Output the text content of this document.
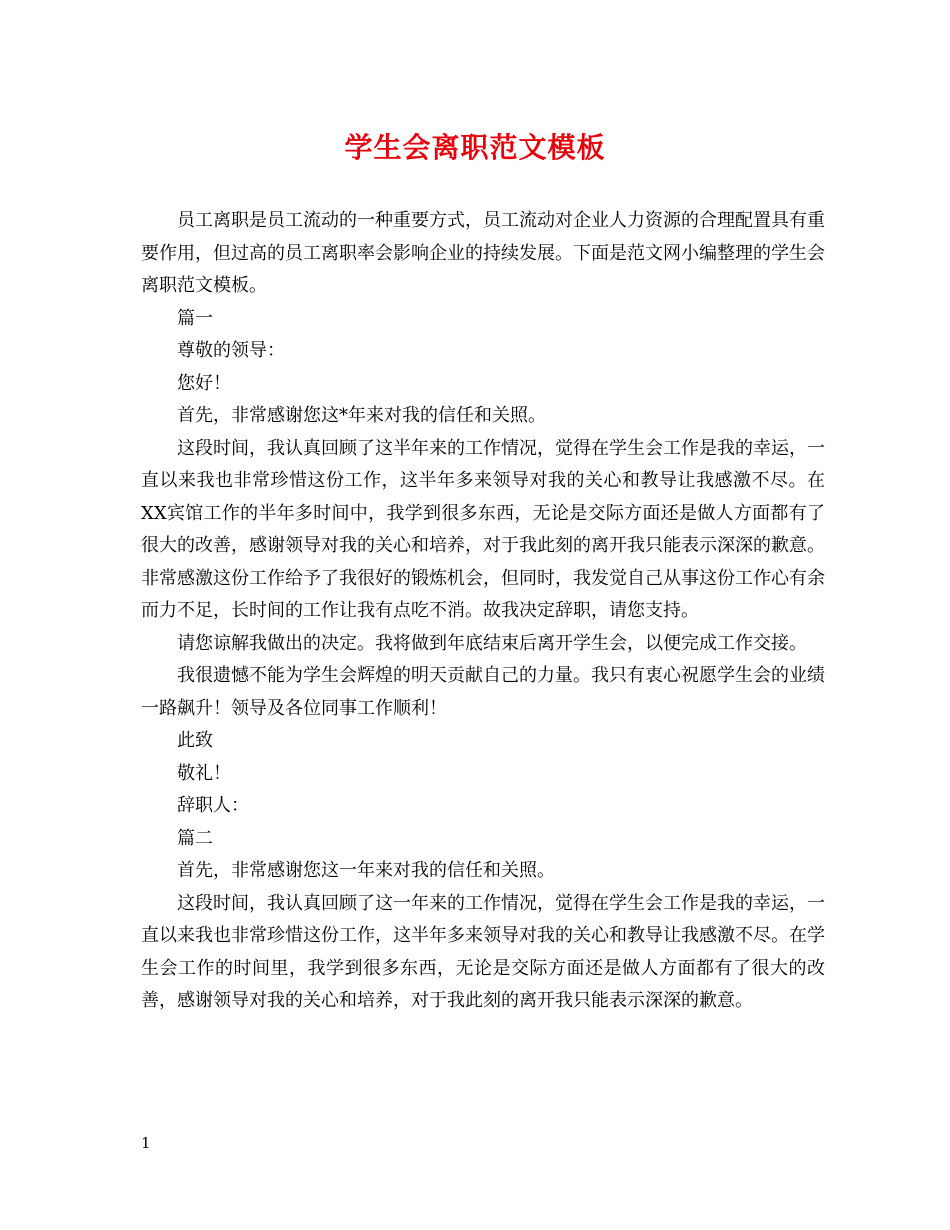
学生会离职范文模板

员工离职是员工流动的一种重要方式，员工流动对企业人力资源的合理配置具有重要作用，但过高的员工离职率会影响企业的持续发展。下面是范文网小编整理的学生会离职范文模板。

篇一

尊敬的领导：

您好！

首先，非常感谢您这*年来对我的信任和关照。

这段时间，我认真回顾了这半年来的工作情况，觉得在学生会工作是我的幸运，一直以来我也非常珍惜这份工作，这半年多来领导对我的关心和教导让我感激不尽。在XX宾馆工作的半年多时间中，我学到很多东西，无论是交际方面还是做人方面都有了很大的改善，感谢领导对我的关心和培养，对于我此刻的离开我只能表示深深的歉意。非常感激这份工作给予了我很好的锻炼机会，但同时，我发觉自己从事这份工作心有余而力不足，长时间的工作让我有点吃不消。故我决定辞职，请您支持。

请您谅解我做出的决定。我将做到年底结束后离开学生会，以便完成工作交接。

我很遗憾不能为学生会辉煌的明天贡献自己的力量。我只有衷心祝愿学生会的业绩一路飙升！领导及各位同事工作顺利！

此致

敬礼！

辞职人：

篇二

首先，非常感谢您这一年来对我的信任和关照。

这段时间，我认真回顾了这一年来的工作情况，觉得在学生会工作是我的幸运，一直以来我也非常珍惜这份工作，这半年多来领导对我的关心和教导让我感激不尽。在学生会工作的时间里，我学到很多东西，无论是交际方面还是做人方面都有了很大的改善，感谢领导对我的关心和培养，对于我此刻的离开我只能表示深深的歉意。

1
